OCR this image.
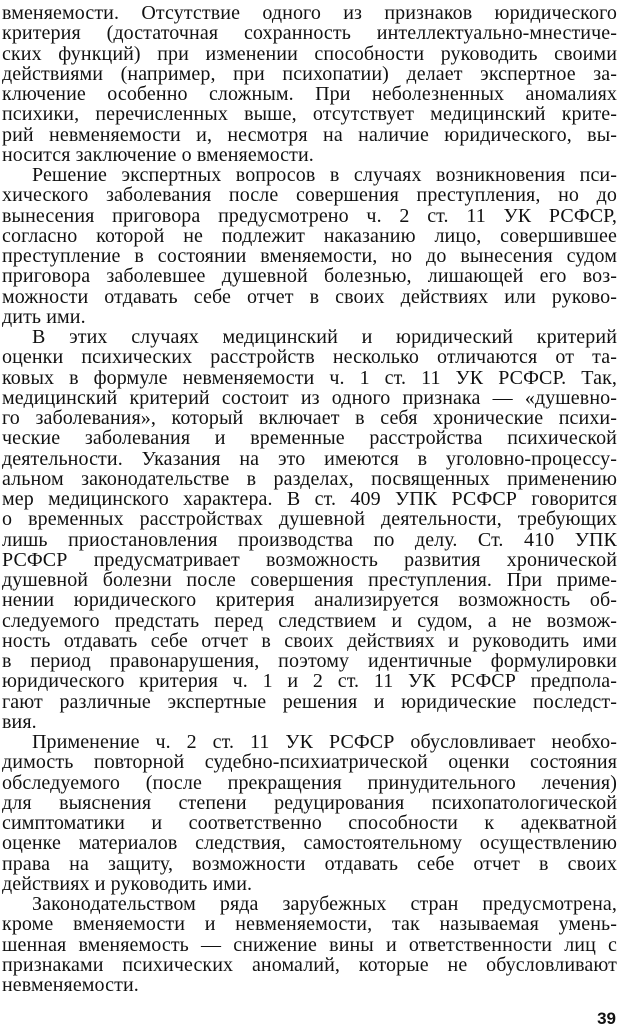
вменяемости. Отсутствие одного из признаков юридического
критерия (достаточная сохранность интеллектуально-мнестиче-
ских функций) при изменении способности руководить своими
действиями (например, при психопатии) делает экспертное за-
ключение особенно сложным. При неболезненных аномалиях
психики, перечисленных выше, отсутствует медицинский крите-
рий невменяемости и, несмотря на наличие юридического, вы-
носится заключение о вменяемости.
Решение экспертных вопросов в случаях возникновения пси-
хического заболевания после совершения преступления, но до
вынесения приговора предусмотрено ч. 2 ст. 11 УК РСФСР,
согласно которой не подлежит наказанию лицо, совершившее
преступление в состоянии вменяемости, но до вынесения судом
приговора заболевшее душевной болезнью, лишающей его воз-
можности отдавать себе отчет в своих действиях или руково-
дить ими.
В этих случаях медицинский и юридический критерий
оценки психических расстройств несколько отличаются от та-
ковых в формуле невменяемости ч. 1 ст. 11 УК РСФСР. Так,
медицинский критерий состоит из одного признака — «душевно-
го заболевания», который включает в себя хронические психи-
ческие заболевания и временные расстройства психической
деятельности. Указания на это имеются в уголовно-процессу-
альном законодательстве в разделах, посвященных применению
мер медицинского характера. В ст. 409 УПК РСФСР говорится
о временных расстройствах душевной деятельности, требующих
лишь приостановления производства по делу. Ст. 410 УПК
РСФСР предусматривает возможность развития хронической
душевной болезни после совершения преступления. При приме-
нении юридического критерия анализируется возможность об-
следуемого предстать перед следствием и судом, а не возмож-
ность отдавать себе отчет в своих действиях и руководить ими
в период правонарушения, поэтому идентичные формулировки
юридического критерия ч. 1 и 2 ст. 11 УК РСФСР предпола-
гают различные экспертные решения и юридические последст-
вия.
Применение ч. 2 ст. 11 УК РСФСР обусловливает необхо-
димость повторной судебно-психиатрической оценки состояния
обследуемого (после прекращения принудительного лечения)
для выяснения степени редуцирования психопатологической
симптоматики и соответственно способности к адекватной
оценке материалов следствия, самостоятельному осуществлению
права на защиту, возможности отдавать себе отчет в своих
действиях и руководить ими.
Законодательством ряда зарубежных стран предусмотрена,
кроме вменяемости и невменяемости, так называемая умень-
шенная вменяемость — снижение вины и ответственности лиц с
признаками психических аномалий, которые не обусловливают
невменяемости.
39
